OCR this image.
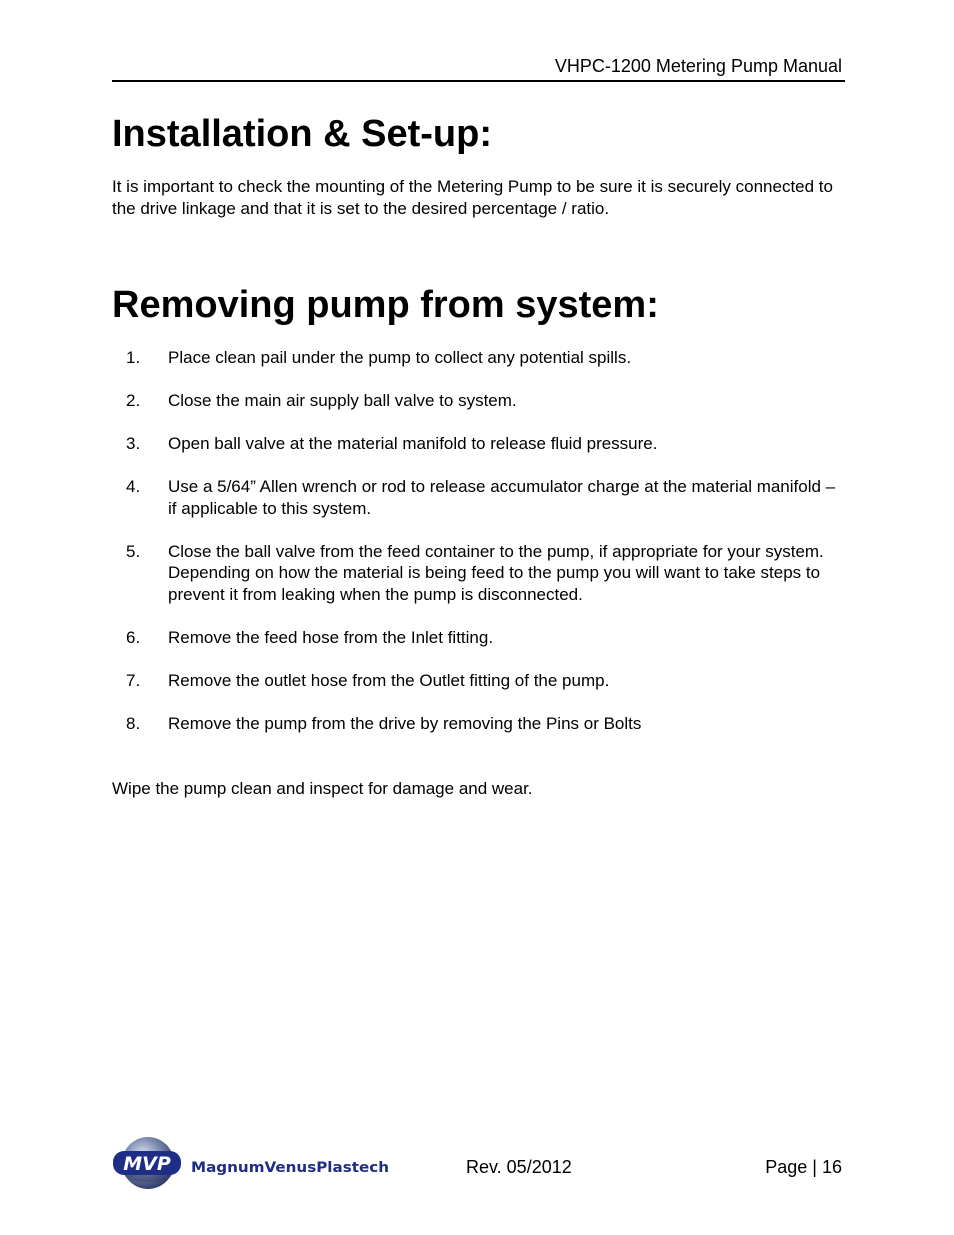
VHPC-1200 Metering Pump Manual
Installation & Set-up:
It is important to check the mounting of the Metering Pump to be sure it is securely connected to the drive linkage and that it is set to the desired percentage / ratio.
Removing pump from system:
1. Place clean pail under the pump to collect any potential spills.
2. Close the main air supply ball valve to system.
3. Open ball valve at the material manifold to release fluid pressure.
4. Use a 5/64” Allen wrench or rod to release accumulator charge at the material manifold – if applicable to this system.
5. Close the ball valve from the feed container to the pump, if appropriate for your system. Depending on how the material is being feed to the pump you will want to take steps to prevent it from leaking when the pump is disconnected.
6. Remove the feed hose from the Inlet fitting.
7. Remove the outlet hose from the Outlet fitting of the pump.
8. Remove the pump from the drive by removing the Pins or Bolts
Wipe the pump clean and inspect for damage and wear.
MVP MagnumVenusPlastech	Rev. 05/2012	Page | 16
